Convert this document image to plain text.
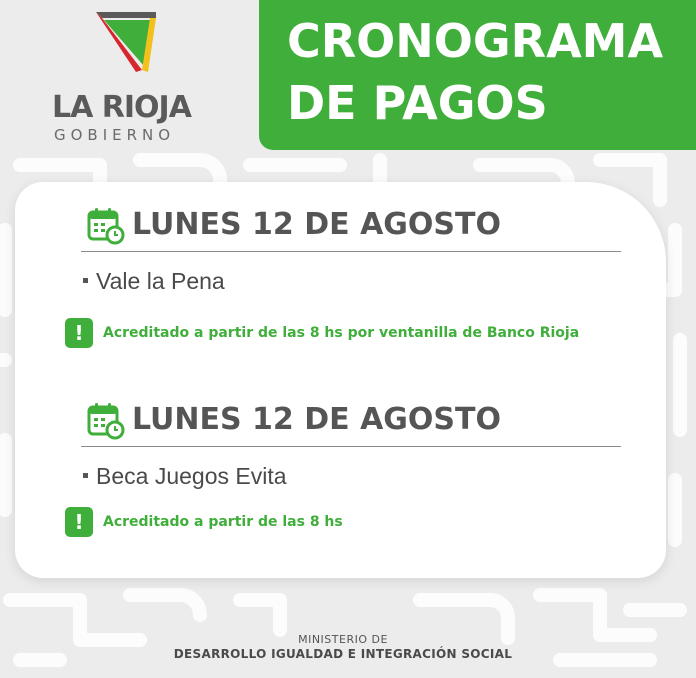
LA RIOJA
GOBIERNO
CRONOGRAMA
DE PAGOS
LUNES 12 DE AGOSTO
Vale la Pena
!	Acreditado a partir de las 8 hs por ventanilla de Banco Rioja
LUNES 12 DE AGOSTO
Beca Juegos Evita
!	Acreditado a partir de las 8 hs
MINISTERIO DE
DESARROLLO IGUALDAD E INTEGRACIÓN SOCIAL
